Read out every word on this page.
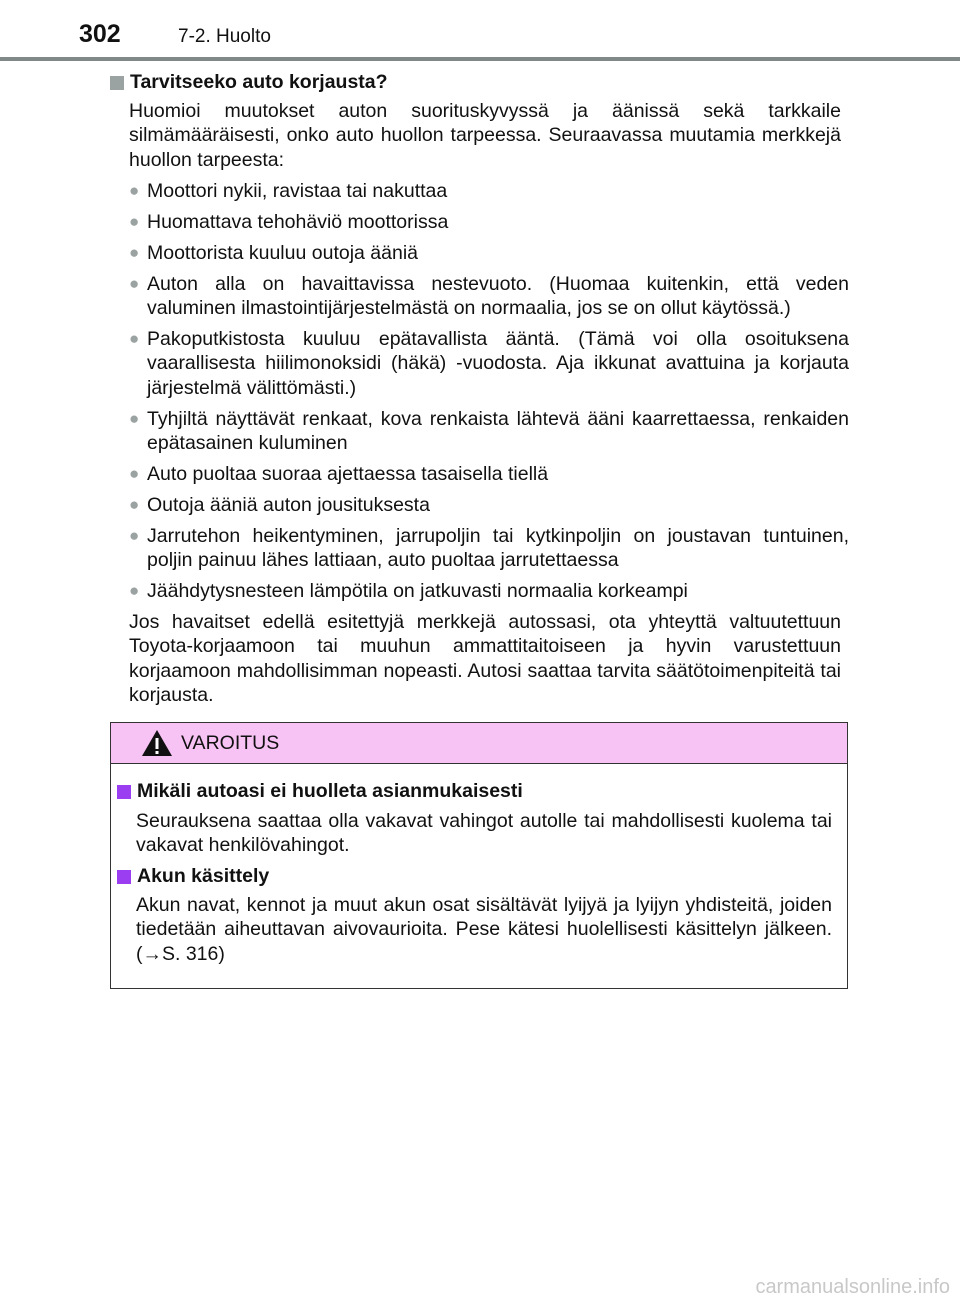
302	7-2. Huolto
Tarvitseeko auto korjausta?
Huomioi muutokset auton suorituskyvyssä ja äänissä sekä tarkkaile silmämääräisesti, onko auto huollon tarpeessa. Seuraavassa muutamia merkkejä huollon tarpeesta:
● Moottori nykii, ravistaa tai nakuttaa
● Huomattava tehohäviö moottorissa
● Moottorista kuuluu outoja ääniä
● Auton alla on havaittavissa nestevuoto. (Huomaa kuitenkin, että veden valuminen ilmastointijärjestelmästä on normaalia, jos se on ollut käytössä.)
● Pakoputkistosta kuuluu epätavallista ääntä. (Tämä voi olla osoituksena vaarallisesta hiilimonoksidi (häkä) -vuodosta. Aja ikkunat avattuina ja korjauta järjestelmä välittömästi.)
● Tyhjiltä näyttävät renkaat, kova renkaista lähtevä ääni kaarrettaessa, renkaiden epätasainen kuluminen
● Auto puoltaa suoraa ajettaessa tasaisella tiellä
● Outoja ääniä auton jousituksesta
● Jarrutehon heikentyminen, jarrupoljin tai kytkinpoljin on joustavan tuntuinen, poljin painuu lähes lattiaan, auto puoltaa jarrutettaessa
● Jäähdytysnesteen lämpötila on jatkuvasti normaalia korkeampi
Jos havaitset edellä esitettyjä merkkejä autossasi, ota yhteyttä valtuutettuun Toyota-korjaamoon tai muuhun ammattitaitoiseen ja hyvin varustettuun korjaamoon mahdollisimman nopeasti. Autosi saattaa tarvita säätötoimenpiteitä tai korjausta.
VAROITUS
Mikäli autoasi ei huolleta asianmukaisesti
Seurauksena saattaa olla vakavat vahingot autolle tai mahdollisesti kuolema tai vakavat henkilövahingot.
Akun käsittely
Akun navat, kennot ja muut akun osat sisältävät lyijyä ja lyijyn yhdisteitä, joiden tiedetään aiheuttavan aivovaurioita. Pese kätesi huolellisesti käsittelyn jälkeen. (→S. 316)
carmanualsonline.info
